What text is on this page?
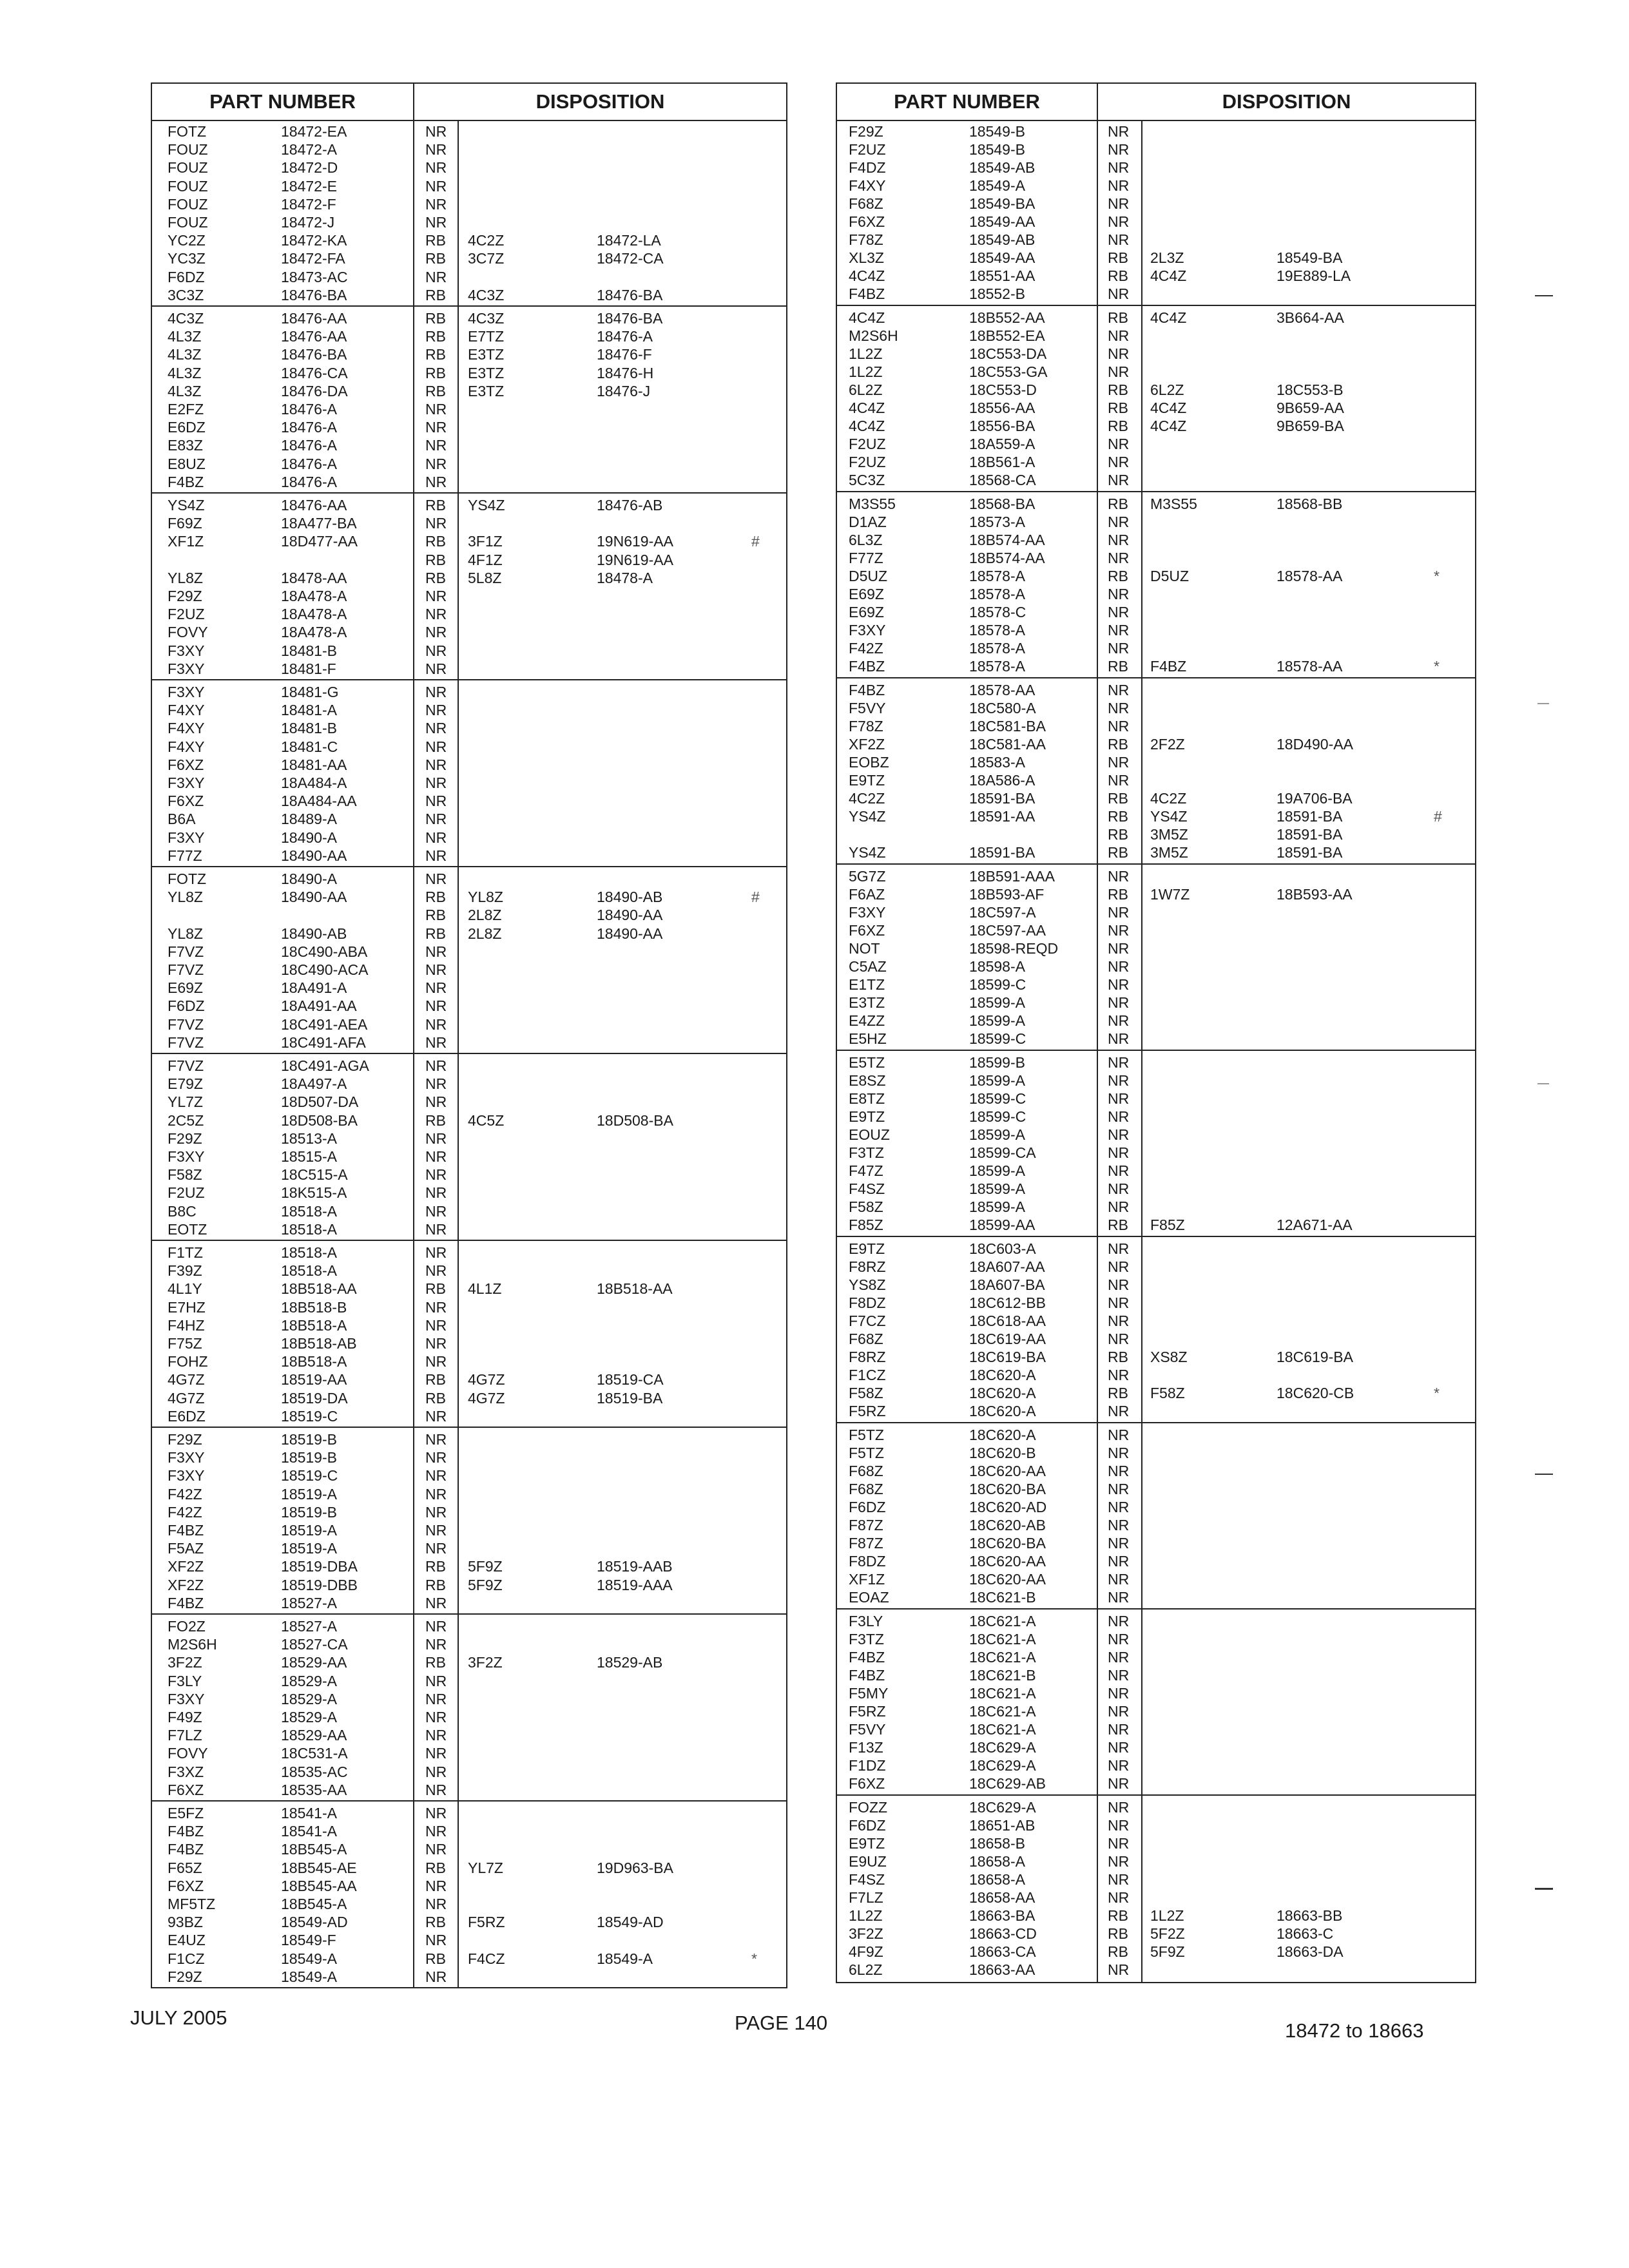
PART NUMBER	DISPOSITION
FOTZ	18472-EA	NR
FOUZ	18472-A	NR
FOUZ	18472-D	NR
FOUZ	18472-E	NR
FOUZ	18472-F	NR
FOUZ	18472-J	NR
YC2Z	18472-KA	RB 4C2Z	18472-LA
YC3Z	18472-FA	RB 3C7Z	18472-CA
F6DZ	18473-AC	NR
3C3Z	18476-BA	RB 4C3Z	18476-BA
4C3Z	18476-AA	RB 4C3Z	18476-BA
4L3Z	18476-AA	RB E7TZ	18476-A
4L3Z	18476-BA	RB E3TZ	18476-F
4L3Z	18476-CA	RB E3TZ	18476-H
4L3Z	18476-DA	RB E3TZ	18476-J
E2FZ	18476-A	NR
E6DZ	18476-A	NR
E83Z	18476-A	NR
E8UZ	18476-A	NR
F4BZ	18476-A	NR
YS4Z	18476-AA	RB YS4Z	18476-AB
F69Z	18A477-BA	NR
XF1Z	18D477-AA	RB 3F1Z	19N619-AA	#
RB 4F1Z	19N619-AA
YL8Z	18478-AA	RB 5L8Z	18478-A
F29Z	18A478-A	NR
F2UZ	18A478-A	NR
FOVY	18A478-A	NR
F3XY	18481-B	NR
F3XY	18481-F	NR
F3XY	18481-G	NR
F4XY	18481-A	NR
F4XY	18481-B	NR
F4XY	18481-C	NR
F6XZ	18481-AA	NR
F3XY	18A484-A	NR
F6XZ	18A484-AA	NR
B6A	18489-A	NR
F3XY	18490-A	NR
F77Z	18490-AA	NR
FOTZ	18490-A	NR
YL8Z	18490-AA	RB YL8Z	18490-AB	#
RB 2L8Z	18490-AA
YL8Z	18490-AB	RB 2L8Z	18490-AA
F7VZ	18C490-ABA	NR
F7VZ	18C490-ACA	NR
E69Z	18A491-A	NR
F6DZ	18A491-AA	NR
F7VZ	18C491-AEA	NR
F7VZ	18C491-AFA	NR
F7VZ	18C491-AGA	NR
E79Z	18A497-A	NR
YL7Z	18D507-DA	NR
2C5Z	18D508-BA	RB 4C5Z	18D508-BA
F29Z	18513-A	NR
F3XY	18515-A	NR
F58Z	18C515-A	NR
F2UZ	18K515-A	NR
B8C	18518-A	NR
EOTZ	18518-A	NR
F1TZ	18518-A	NR
F39Z	18518-A	NR
4L1Y	18B518-AA	RB 4L1Z	18B518-AA
E7HZ	18B518-B	NR
F4HZ	18B518-A	NR
F75Z	18B518-AB	NR
FOHZ	18B518-A	NR
4G7Z	18519-AA	RB 4G7Z	18519-CA
4G7Z	18519-DA	RB 4G7Z	18519-BA
E6DZ	18519-C	NR
F29Z	18519-B	NR
F3XY	18519-B	NR
F3XY	18519-C	NR
F42Z	18519-A	NR
F42Z	18519-B	NR
F4BZ	18519-A	NR
F5AZ	18519-A	NR
XF2Z	18519-DBA	RB 5F9Z	18519-AAB
XF2Z	18519-DBB	RB 5F9Z	18519-AAA
F4BZ	18527-A	NR
FO2Z	18527-A	NR
M2S6H	18527-CA	NR
3F2Z	18529-AA	RB 3F2Z	18529-AB
F3LY	18529-A	NR
F3XY	18529-A	NR
F49Z	18529-A	NR
F7LZ	18529-AA	NR
FOVY	18C531-A	NR
F3XZ	18535-AC	NR
F6XZ	18535-AA	NR
E5FZ	18541-A	NR
F4BZ	18541-A	NR
F4BZ	18B545-A	NR
F65Z	18B545-AE	RB YL7Z	19D963-BA
F6XZ	18B545-AA	NR
MF5TZ	18B545-A	NR
93BZ	18549-AD	RB F5RZ	18549-AD
E4UZ	18549-F	NR
F1CZ	18549-A	RB F4CZ	18549-A	*
F29Z	18549-A	NR
PART NUMBER	DISPOSITION
F29Z	18549-B	NR
F2UZ	18549-B	NR
F4DZ	18549-AB	NR
F4XY	18549-A	NR
F68Z	18549-BA	NR
F6XZ	18549-AA	NR
F78Z	18549-AB	NR
XL3Z	18549-AA	RB 2L3Z	18549-BA
4C4Z	18551-AA	RB 4C4Z	19E889-LA
F4BZ	18552-B	NR
4C4Z	18B552-AA	RB 4C4Z	3B664-AA
M2S6H	18B552-EA	NR
1L2Z	18C553-DA	NR
1L2Z	18C553-GA	NR
6L2Z	18C553-D	RB 6L2Z	18C553-B
4C4Z	18556-AA	RB 4C4Z	9B659-AA
4C4Z	18556-BA	RB 4C4Z	9B659-BA
F2UZ	18A559-A	NR
F2UZ	18B561-A	NR
5C3Z	18568-CA	NR
M3S55	18568-BA	RB M3S55	18568-BB
D1AZ	18573-A	NR
6L3Z	18B574-AA	NR
F77Z	18B574-AA	NR
D5UZ	18578-A	RB D5UZ	18578-AA	*
E69Z	18578-A	NR
E69Z	18578-C	NR
F3XY	18578-A	NR
F42Z	18578-A	NR
F4BZ	18578-A	RB F4BZ	18578-AA	*
F4BZ	18578-AA	NR
F5VY	18C580-A	NR
F78Z	18C581-BA	NR
XF2Z	18C581-AA	RB 2F2Z	18D490-AA
EOBZ	18583-A	NR
E9TZ	18A586-A	NR
4C2Z	18591-BA	RB 4C2Z	19A706-BA
YS4Z	18591-AA	RB YS4Z	18591-BA	#
RB 3M5Z	18591-BA
YS4Z	18591-BA	RB 3M5Z	18591-BA
5G7Z	18B591-AAA	NR
F6AZ	18B593-AF	RB 1W7Z	18B593-AA
F3XY	18C597-A	NR
F6XZ	18C597-AA	NR
NOT	18598-REQD	NR
C5AZ	18598-A	NR
E1TZ	18599-C	NR
E3TZ	18599-A	NR
E4ZZ	18599-A	NR
E5HZ	18599-C	NR
E5TZ	18599-B	NR
E8SZ	18599-A	NR
E8TZ	18599-C	NR
E9TZ	18599-C	NR
EOUZ	18599-A	NR
F3TZ	18599-CA	NR
F47Z	18599-A	NR
F4SZ	18599-A	NR
F58Z	18599-A	NR
F85Z	18599-AA	RB F85Z	12A671-AA
E9TZ	18C603-A	NR
F8RZ	18A607-AA	NR
YS8Z	18A607-BA	NR
F8DZ	18C612-BB	NR
F7CZ	18C618-AA	NR
F68Z	18C619-AA	NR
F8RZ	18C619-BA	RB XS8Z	18C619-BA
F1CZ	18C620-A	NR
F58Z	18C620-A	RB F58Z	18C620-CB	*
F5RZ	18C620-A	NR
F5TZ	18C620-A	NR
F5TZ	18C620-B	NR
F68Z	18C620-AA	NR
F68Z	18C620-BA	NR
F6DZ	18C620-AD	NR
F87Z	18C620-AB	NR
F87Z	18C620-BA	NR
F8DZ	18C620-AA	NR
XF1Z	18C620-AA	NR
EOAZ	18C621-B	NR
F3LY	18C621-A	NR
F3TZ	18C621-A	NR
F4BZ	18C621-A	NR
F4BZ	18C621-B	NR
F5MY	18C621-A	NR
F5RZ	18C621-A	NR
F5VY	18C621-A	NR
F13Z	18C629-A	NR
F1DZ	18C629-A	NR
F6XZ	18C629-AB	NR
FOZZ	18C629-A	NR
F6DZ	18651-AB	NR
E9TZ	18658-B	NR
E9UZ	18658-A	NR
F4SZ	18658-A	NR
F7LZ	18658-AA	NR
1L2Z	18663-BA	RB 1L2Z	18663-BB
3F2Z	18663-CD	RB 5F2Z	18663-C
4F9Z	18663-CA	RB 5F9Z	18663-DA
6L2Z	18663-AA	NR
JULY 2005	PAGE 140	18472 to 18663
